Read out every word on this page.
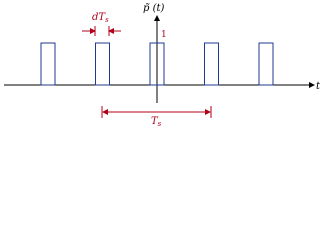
p̃ (t)
t
1
$dT_s$
$T_s$
